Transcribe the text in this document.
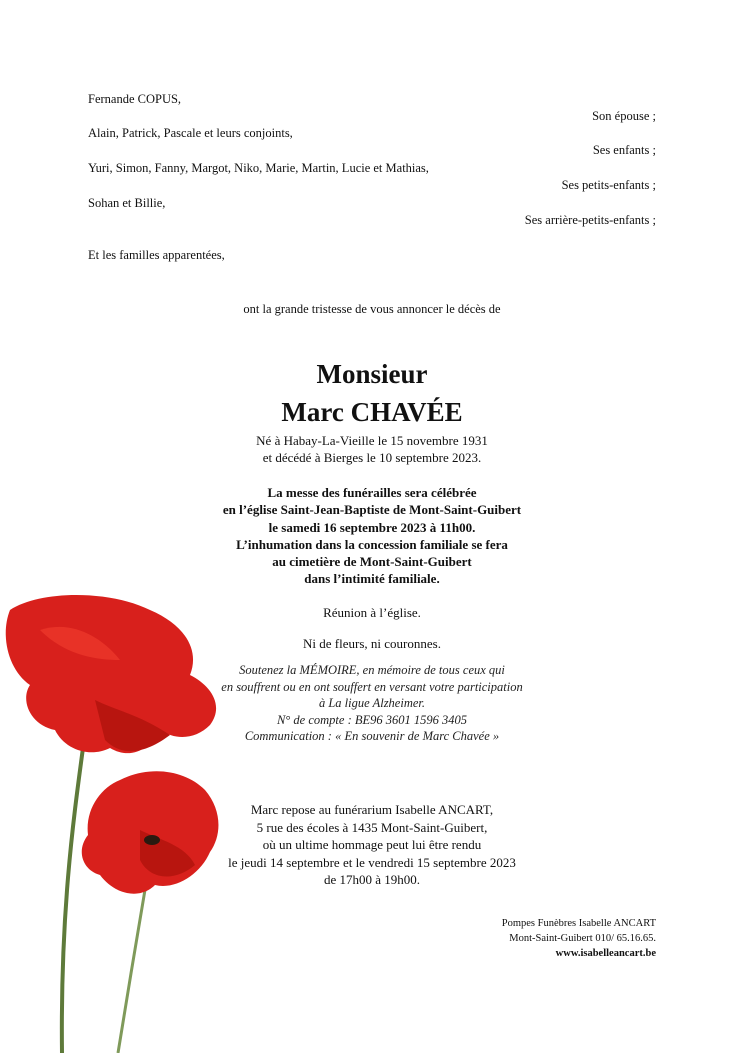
Fernande COPUS,
Son épouse ;
Alain, Patrick, Pascale et leurs conjoints,
Ses enfants ;
Yuri, Simon, Fanny, Margot, Niko, Marie, Martin, Lucie et Mathias,
Ses petits-enfants ;
Sohan et Billie,
Ses arrière-petits-enfants ;
Et les familles apparentées,
ont la grande tristesse de vous annoncer le décès de
Monsieur
Marc CHAVÉE
Né à Habay-La-Vieille le 15 novembre 1931
et décédé à Bierges le 10 septembre 2023.
La messe des funérailles sera célébrée
en l’église Saint-Jean-Baptiste de Mont-Saint-Guibert
le samedi 16 septembre 2023 à 11h00.
L’inhumation dans la concession familiale se fera
au cimetière de Mont-Saint-Guibert
dans l’intimité familiale.
Réunion à l’église.
Ni de fleurs, ni couronnes.
Soutenez la MÉMOIRE, en mémoire de tous ceux qui
en souffrent ou en ont souffert en versant votre participation
à La ligue Alzheimer.
N° de compte : BE96 3601 1596 3405
Communication : « En souvenir de Marc Chavée »
Marc repose au funérarium Isabelle ANCART,
5 rue des écoles à 1435 Mont-Saint-Guibert,
où un ultime hommage peut lui être rendu
le jeudi 14 septembre et le vendredi 15 septembre 2023
de 17h00 à 19h00.
Pompes Funèbres Isabelle ANCART
Mont-Saint-Guibert 010/ 65.16.65.
www.isabelleancart.be
